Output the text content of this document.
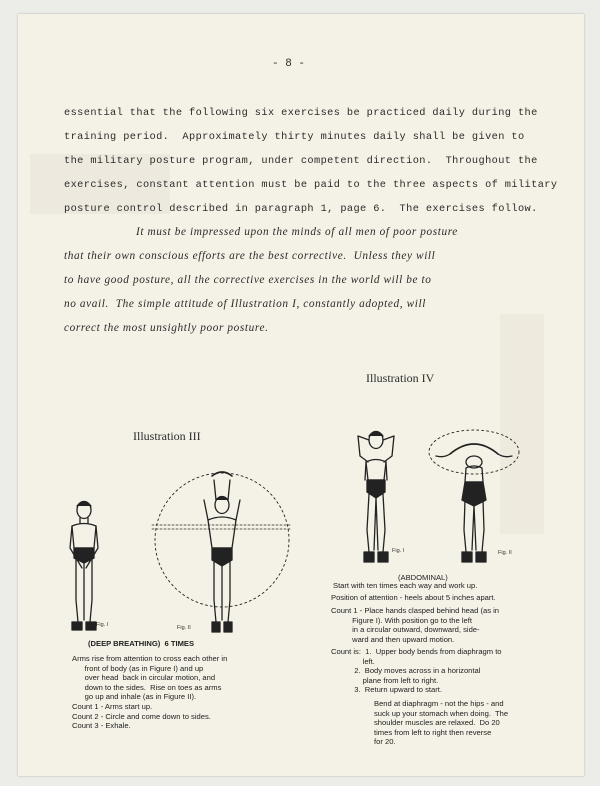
- 8 -
essential that the following six exercises be practiced daily during the
training period.  Approximately thirty minutes daily shall be given to
the military posture program, under competent direction.  Throughout the
exercises, constant attention must be paid to the three aspects of military
posture control described in paragraph 1, page 6.  The exercises follow.
It must be impressed upon the minds of all men of poor posture
that their own conscious efforts are the best corrective.  Unless they will
to have good posture, all the corrective exercises in the world will be to
no avail.  The simple attitude of Illustration I, constantly adopted, will
correct the most unsightly poor posture.
Illustration IV
Illustration III
Fig. I	Fig. II
Fig. I	Fig. II
(ABDOMINAL)
Start with ten times each way and work up.
Position of attention - heels about 5 inches apart.
Count 1 - Place hands clasped behind head (as in
Figure I). With position go to the left
in a circular outward, downward, side-
ward and then upward motion.
Count is:  1.  Upper body bends from diaphragm to
left.
2.  Body moves across in a horizontal
plane from left to right.
3.  Return upward to start.
Bend at diaphragm - not the hips - and
suck up your stomach when doing.  The
shoulder muscles are relaxed.  Do 20
times from left to right then reverse
for 20.
(DEEP BREATHING)  6 TIMES
Arms rise from attention to cross each other in
front of body (as in Figure I) and up
over head  back in circular motion, and
down to the sides.  Rise on toes as arms
go up and inhale (as in Figure II).
Count 1 - Arms start up.
Count 2 - Circle and come down to sides.
Count 3 - Exhale.
